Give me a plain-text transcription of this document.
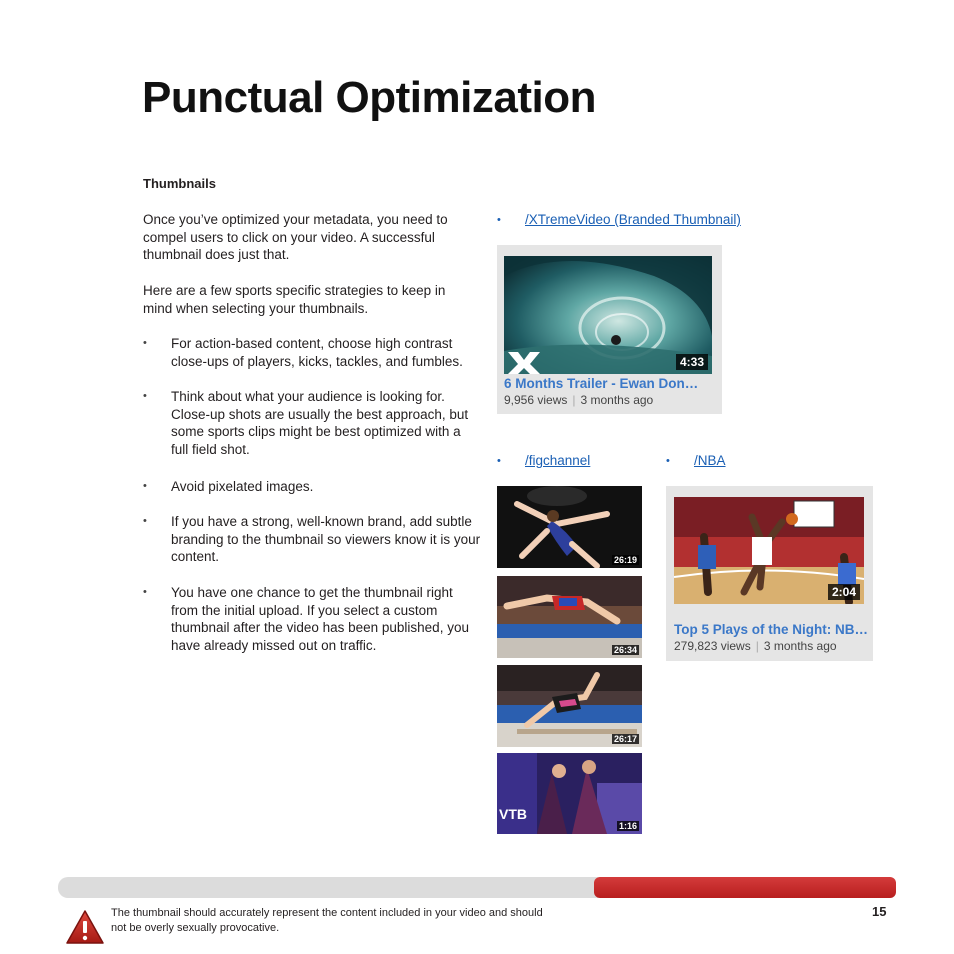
Punctual Optimization
Thumbnails

Once you’ve optimized your metadata, you need to compel users to click on your video. A successful thumbnail does just that.

Here are a few sports specific strategies to keep in mind when selecting your thumbnails.

• For action-based content, choose high contrast close-ups of players, kicks, tackles, and fumbles.
• Think about what your audience is looking for. Close-up shots are usually the best approach, but some sports clips might be best optimized with a full field shot.
• Avoid pixelated images.
• If you have a strong, well-known brand, add subtle branding to the thumbnail so viewers know it is your content.
• You have one chance to get the thumbnail right from the initial upload. If you select a custom thumbnail after the video has been published, you have already missed out on traffic.
• /XTremeVideo (Branded Thumbnail)
4:33
6 Months Trailer - Ewan Don…
9,956 views | 3 months ago
• /figchannel	• /NBA
26:19
26:34
26:17
VTB
1:16
2:04
Top 5 Plays of the Night: NB…
279,823 views | 3 months ago

The thumbnail should accurately represent the content included in your video and should not be overly sexually provocative.

15
